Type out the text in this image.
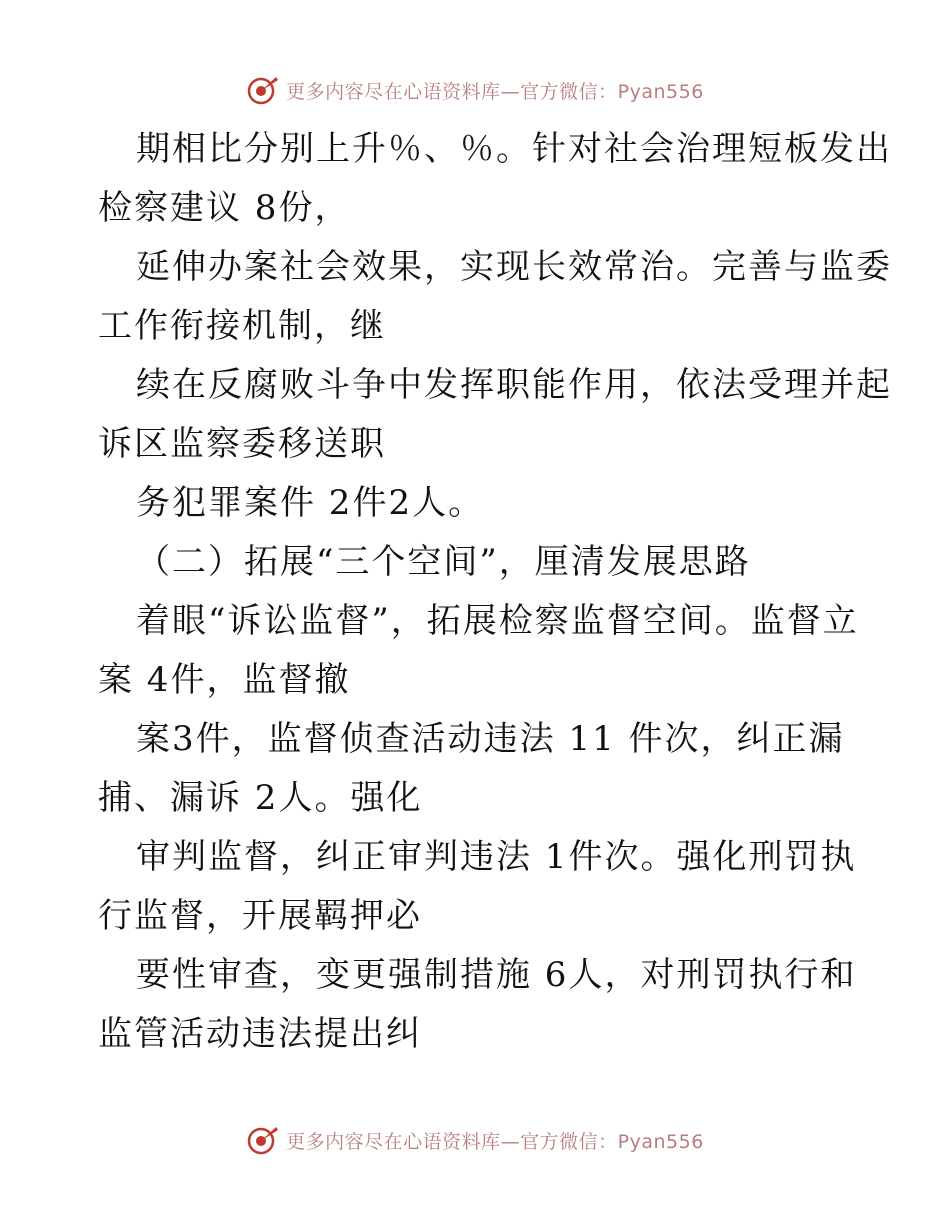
更多内容尽在心语资料库—官方微信：Pyan556
期相比分别上升％、％。针对社会治理短板发出
检察建议 8份，
延伸办案社会效果，实现长效常治。完善与监委
工作衔接机制，继
续在反腐败斗争中发挥职能作用，依法受理并起
诉区监察委移送职
务犯罪案件 2件2人。
（二）拓展“三个空间”，厘清发展思路
着眼“诉讼监督”，拓展检察监督空间。监督立
案 4件，监督撤
案3件，监督侦查活动违法 11 件次，纠正漏
捕、漏诉 2人。强化
审判监督，纠正审判违法 1件次。强化刑罚执
行监督，开展羁押必
要性审查，变更强制措施 6人，对刑罚执行和
监管活动违法提出纠
更多内容尽在心语资料库—官方微信：Pyan556
